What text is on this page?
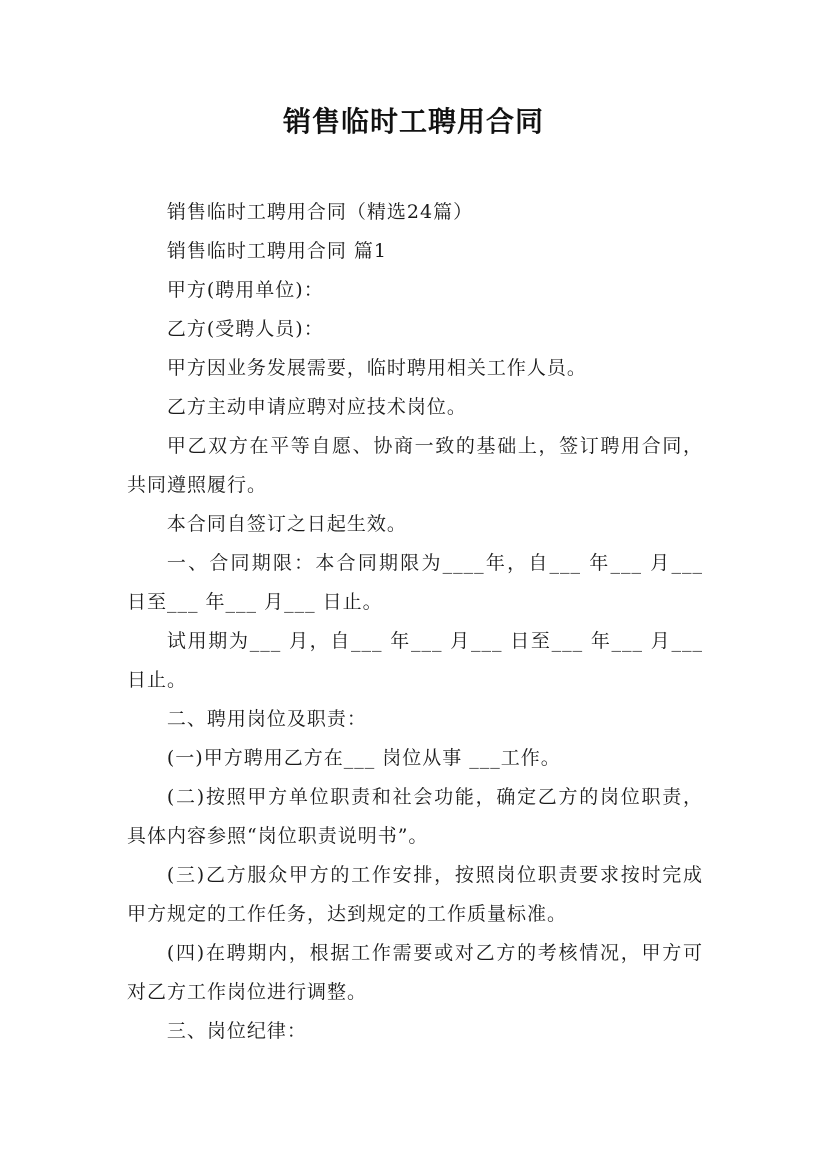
销售临时工聘用合同

销售临时工聘用合同（精选24篇）

销售临时工聘用合同 篇1

甲方(聘用单位)：

乙方(受聘人员)：

甲方因业务发展需要，临时聘用相关工作人员。

乙方主动申请应聘对应技术岗位。

甲乙双方在平等自愿、协商一致的基础上，签订聘用合同，共同遵照履行。

本合同自签订之日起生效。

一、合同期限：本合同期限为____年，自___ 年___ 月___ 日至___ 年___ 月___ 日止。

试用期为___ 月，自___ 年___ 月___ 日至___ 年___ 月___ 日止。

二、聘用岗位及职责：

(一)甲方聘用乙方在___ 岗位从事 ___工作。

(二)按照甲方单位职责和社会功能，确定乙方的岗位职责，具体内容参照“岗位职责说明书”。

(三)乙方服众甲方的工作安排，按照岗位职责要求按时完成甲方规定的工作任务，达到规定的工作质量标准。

(四)在聘期内，根据工作需要或对乙方的考核情况，甲方可对乙方工作岗位进行调整。

三、岗位纪律：
